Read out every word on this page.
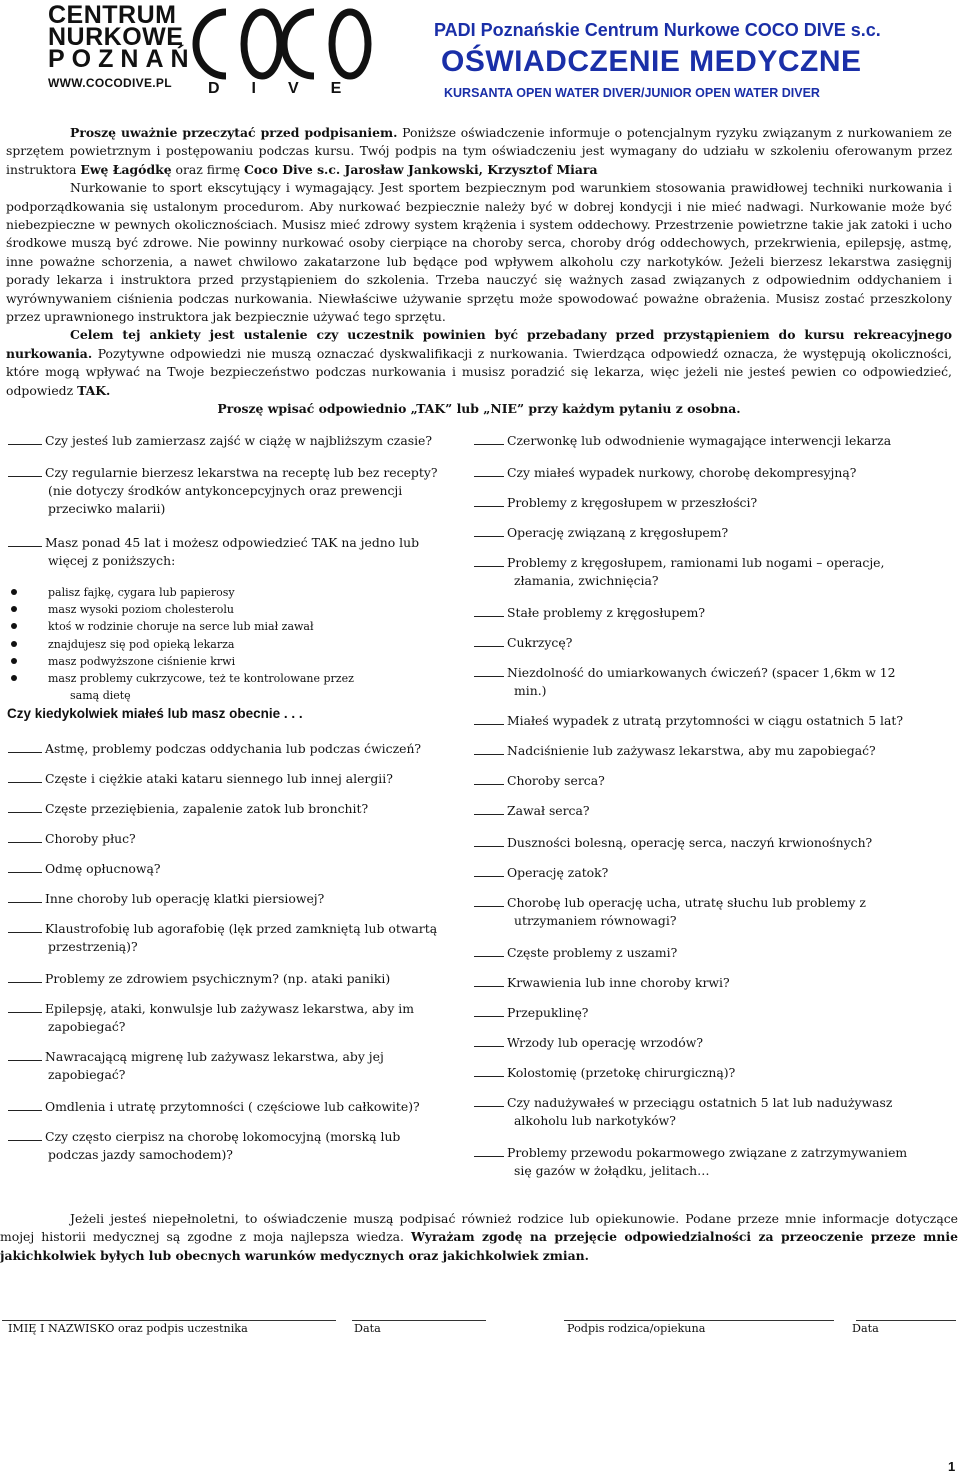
CENTRUM
NURKOWE
POZNAŃ
WWW.COCODIVE.PL	DIVE
PADI Poznańskie Centrum Nurkowe COCO DIVE s.c.
OŚWIADCZENIE MEDYCZNE
KURSANTA OPEN WATER DIVER/JUNIOR OPEN WATER DIVER

Proszę uważnie przeczytać przed podpisaniem. Poniższe oświadczenie informuje o potencjalnym ryzyku związanym z nurkowaniem ze sprzętem powietrznym i postępowaniu podczas kursu. Twój podpis na tym oświadczeniu jest wymagany do udziału w szkoleniu oferowanym przez instruktora Ewę Łagódkę oraz firmę Coco Dive s.c. Jarosław Jankowski, Krzysztof Miara

Nurkowanie to sport ekscytujący i wymagający. Jest sportem bezpiecznym pod warunkiem stosowania prawidłowej techniki nurkowania i podporządkowania się ustalonym procedurom. Aby nurkować bezpiecznie należy być w dobrej kondycji i nie mieć nadwagi. Nurkowanie może być niebezpieczne w pewnych okolicznościach. Musisz mieć zdrowy system krążenia i system oddechowy. Przestrzenie powietrzne takie jak zatoki i ucho środkowe muszą być zdrowe. Nie powinny nurkować osoby cierpiące na choroby serca, choroby dróg oddechowych, przekrwienia, epilepsję, astmę, inne poważne schorzenia, a nawet chwilowo zakatarzone lub będące pod wpływem alkoholu czy narkotyków. Jeżeli bierzesz lekarstwa zasięgnij porady lekarza i instruktora przed przystąpieniem do szkolenia. Trzeba nauczyć się ważnych zasad związanych z odpowiednim oddychaniem i wyrównywaniem ciśnienia podczas nurkowania. Niewłaściwe używanie sprzętu może spowodować poważne obrażenia. Musisz zostać przeszkolony przez uprawnionego instruktora jak bezpiecznie używać tego sprzętu.

Celem tej ankiety jest ustalenie czy uczestnik powinien być przebadany przed przystąpieniem do kursu rekreacyjnego nurkowania. Pozytywne odpowiedzi nie muszą oznaczać dyskwalifikacji z nurkowania. Twierdząca odpowiedź oznacza, że występują okoliczności, które mogą wpływać na Twoje bezpieczeństwo podczas nurkowania i musisz poradzić się lekarza, więc jeżeli nie jesteś pewien co odpowiedzieć, odpowiedz TAK.

Proszę wpisać odpowiednio „TAK” lub „NIE” przy każdym pytaniu z osobna.

Czy jesteś lub zamierzasz zajść w ciążę w najbliższym czasie?
Czy regularnie bierzesz lekarstwa na receptę lub bez recepty?
(nie dotyczy środków antykoncepcyjnych oraz prewencji
przeciwko malarii)
Masz ponad 45 lat i możesz odpowiedzieć TAK na jedno lub
więcej z poniższych:
palisz fajkę, cygara lub papierosy
masz wysoki poziom cholesterolu
ktoś w rodzinie choruje na serce lub miał zawał
znajdujesz się pod opieką lekarza
masz podwyższone ciśnienie krwi
masz problemy cukrzycowe, też te kontrolowane przez
samą dietę
Czy kiedykolwiek miałeś lub masz obecnie . . .
Astmę, problemy podczas oddychania lub podczas ćwiczeń?
Częste i ciężkie ataki kataru siennego lub innej alergii?
Częste przeziębienia, zapalenie zatok lub bronchit?
Choroby płuc?
Odmę opłucnową?
Inne choroby lub operację klatki piersiowej?
Klaustrofobię lub agorafobię (lęk przed zamkniętą lub otwartą
przestrzenią)?
Problemy ze zdrowiem psychicznym? (np. ataki paniki)
Epilepsję, ataki, konwulsje lub zażywasz lekarstwa, aby im
zapobiegać?
Nawracającą migrenę lub zażywasz lekarstwa, aby jej
zapobiegać?
Omdlenia i utratę przytomności ( częściowe lub całkowite)?
Czy często cierpisz na chorobę lokomocyjną (morską lub
podczas jazdy samochodem)?
Czerwonkę lub odwodnienie wymagające interwencji lekarza
Czy miałeś wypadek nurkowy, chorobę dekompresyjną?
Problemy z kręgosłupem w przeszłości?
Operację związaną z kręgosłupem?
Problemy z kręgosłupem, ramionami lub nogami – operacje,
złamania, zwichnięcia?
Stałe problemy z kręgosłupem?
Cukrzycę?
Niezdolność do umiarkowanych ćwiczeń? (spacer 1,6km w 12
min.)
Miałeś wypadek z utratą przytomności w ciągu ostatnich 5 lat?
Nadciśnienie lub zażywasz lekarstwa, aby mu zapobiegać?
Choroby serca?
Zawał serca?
Duszności bolesną, operację serca, naczyń krwionośnych?
Operację zatok?
Chorobę lub operację ucha, utratę słuchu lub problemy z
utrzymaniem równowagi?
Częste problemy z uszami?
Krwawienia lub inne choroby krwi?
Przepuklinę?
Wrzody lub operację wrzodów?
Kolostomię (przetokę chirurgiczną)?
Czy nadużywałeś w przeciągu ostatnich 5 lat lub nadużywasz
alkoholu lub narkotyków?
Problemy przewodu pokarmowego związane z zatrzymywaniem
się gazów w żołądku, jelitach…

Jeżeli jesteś niepełnoletni, to oświadczenie muszą podpisać również rodzice lub opiekunowie. Podane przeze mnie informacje dotyczące mojej historii medycznej są zgodne z moja najlepsza wiedza. Wyrażam zgodę na przejęcie odpowiedzialności za przeoczenie przeze mnie jakichkolwiek byłych lub obecnych warunków medycznych oraz jakichkolwiek zmian.

IMIĘ I NAZWISKO oraz podpis uczestnika	Data	Podpis rodzica/opiekuna	Data
1
